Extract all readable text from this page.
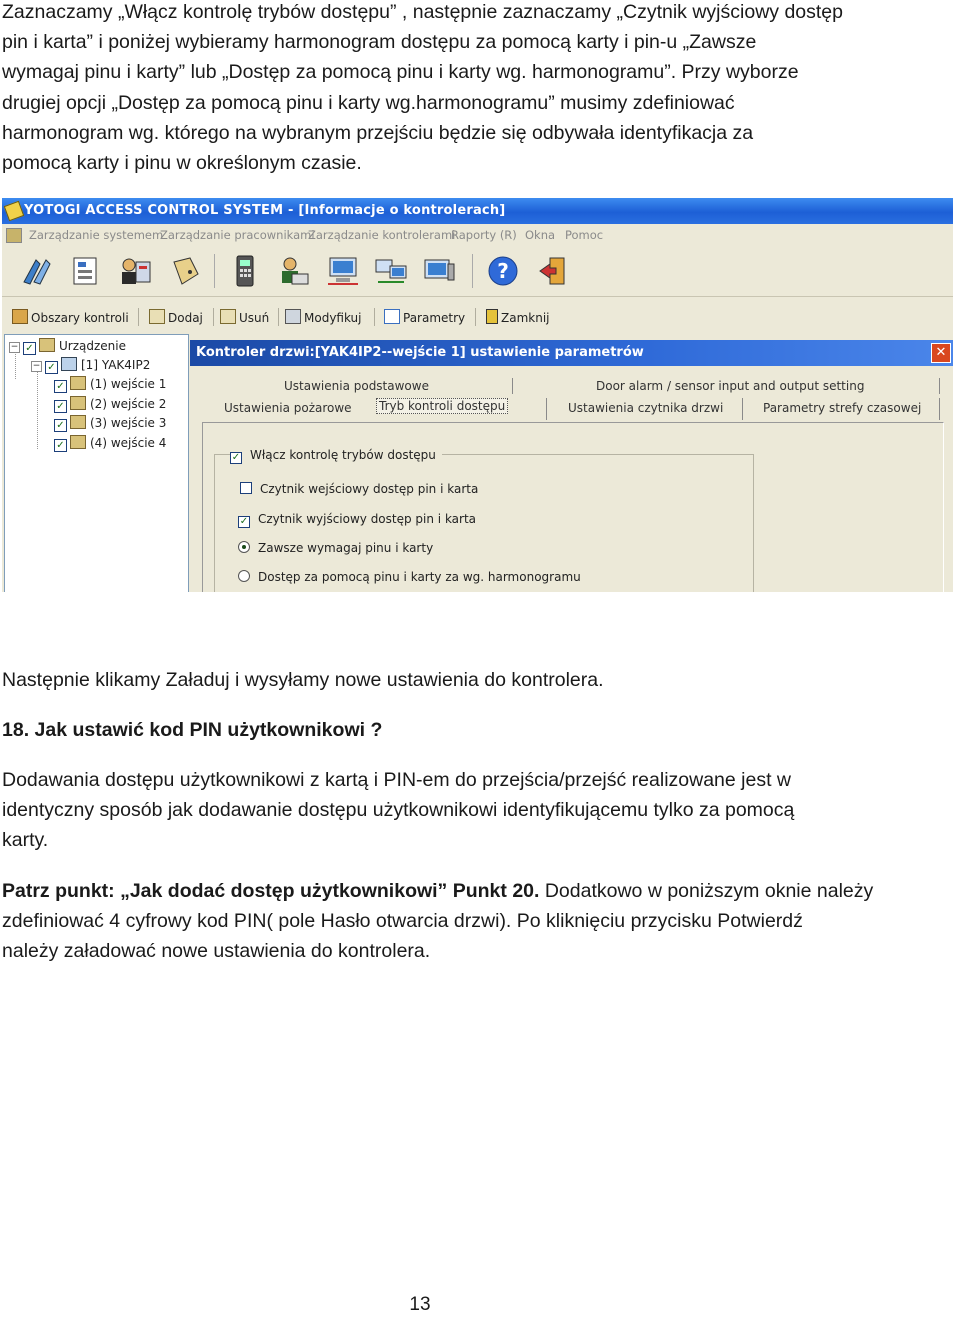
Zaznaczamy „Włącz kontrolę trybów dostępu” , następnie zaznaczamy „Czytnik wyjściowy dostęp
pin i karta” i poniżej wybieramy harmonogram dostępu za pomocą karty i pin-u „Zawsze
wymagaj pinu i karty” lub „Dostęp za pomocą pinu i karty wg. harmonogramu”. Przy wyborze
drugiej opcji „Dostęp za pomocą pinu i karty wg.harmonogramu” musimy zdefiniować
harmonogram wg. którego na wybranym przejściu będzie się odbywała identyfikacja za
pomocą karty i pinu w określonym czasie.
YOTOGI ACCESS CONTROL SYSTEM - [Informacje o kontrolerach]
Zarządzanie systemem
Zarządzanie pracownikami
Zarządzanie kontrolerami
Raporty (R) Okna Pomoc
?
Obszary kontroli	Dodaj	Usuń	Modyfikuj	Parametry	Zamknij
− ✓ Urządzenie
− ✓ [1] YAK4IP2
✓ (1) wejście 1
✓ (2) wejście 2
✓ (3) wejście 3
✓ (4) wejście 4
Kontroler drzwi:[YAK4IP2--wejście 1] ustawienie parametrów	✕
Ustawienia podstawowe	Door alarm / sensor input and output setting
Ustawienia pożarowe Tryb kontroli dostępu	Ustawienia czytnika drzwi	Parametry strefy czasowej
✓ Włącz kontrolę trybów dostępu
Czytnik wejściowy dostęp pin i karta
✓ Czytnik wyjściowy dostęp pin i karta
Zawsze wymagaj pinu i karty
Dostęp za pomocą pinu i karty za wg. harmonogramu
Następnie klikamy Załaduj i wysyłamy nowe ustawienia do kontrolera.
18. Jak ustawić kod PIN użytkownikowi ?
Dodawania dostępu użytkownikowi z kartą i PIN-em do przejścia/przejść realizowane jest w
identyczny sposób jak dodawanie dostępu użytkownikowi identyfikującemu tylko za pomocą
karty.
Patrz punkt: „Jak dodać dostęp użytkownikowi” Punkt 20. Dodatkowo w poniższym oknie należy
zdefiniować 4 cyfrowy kod PIN( pole Hasło otwarcia drzwi). Po kliknięciu przycisku Potwierdź
należy załadować nowe ustawienia do kontrolera.
13
